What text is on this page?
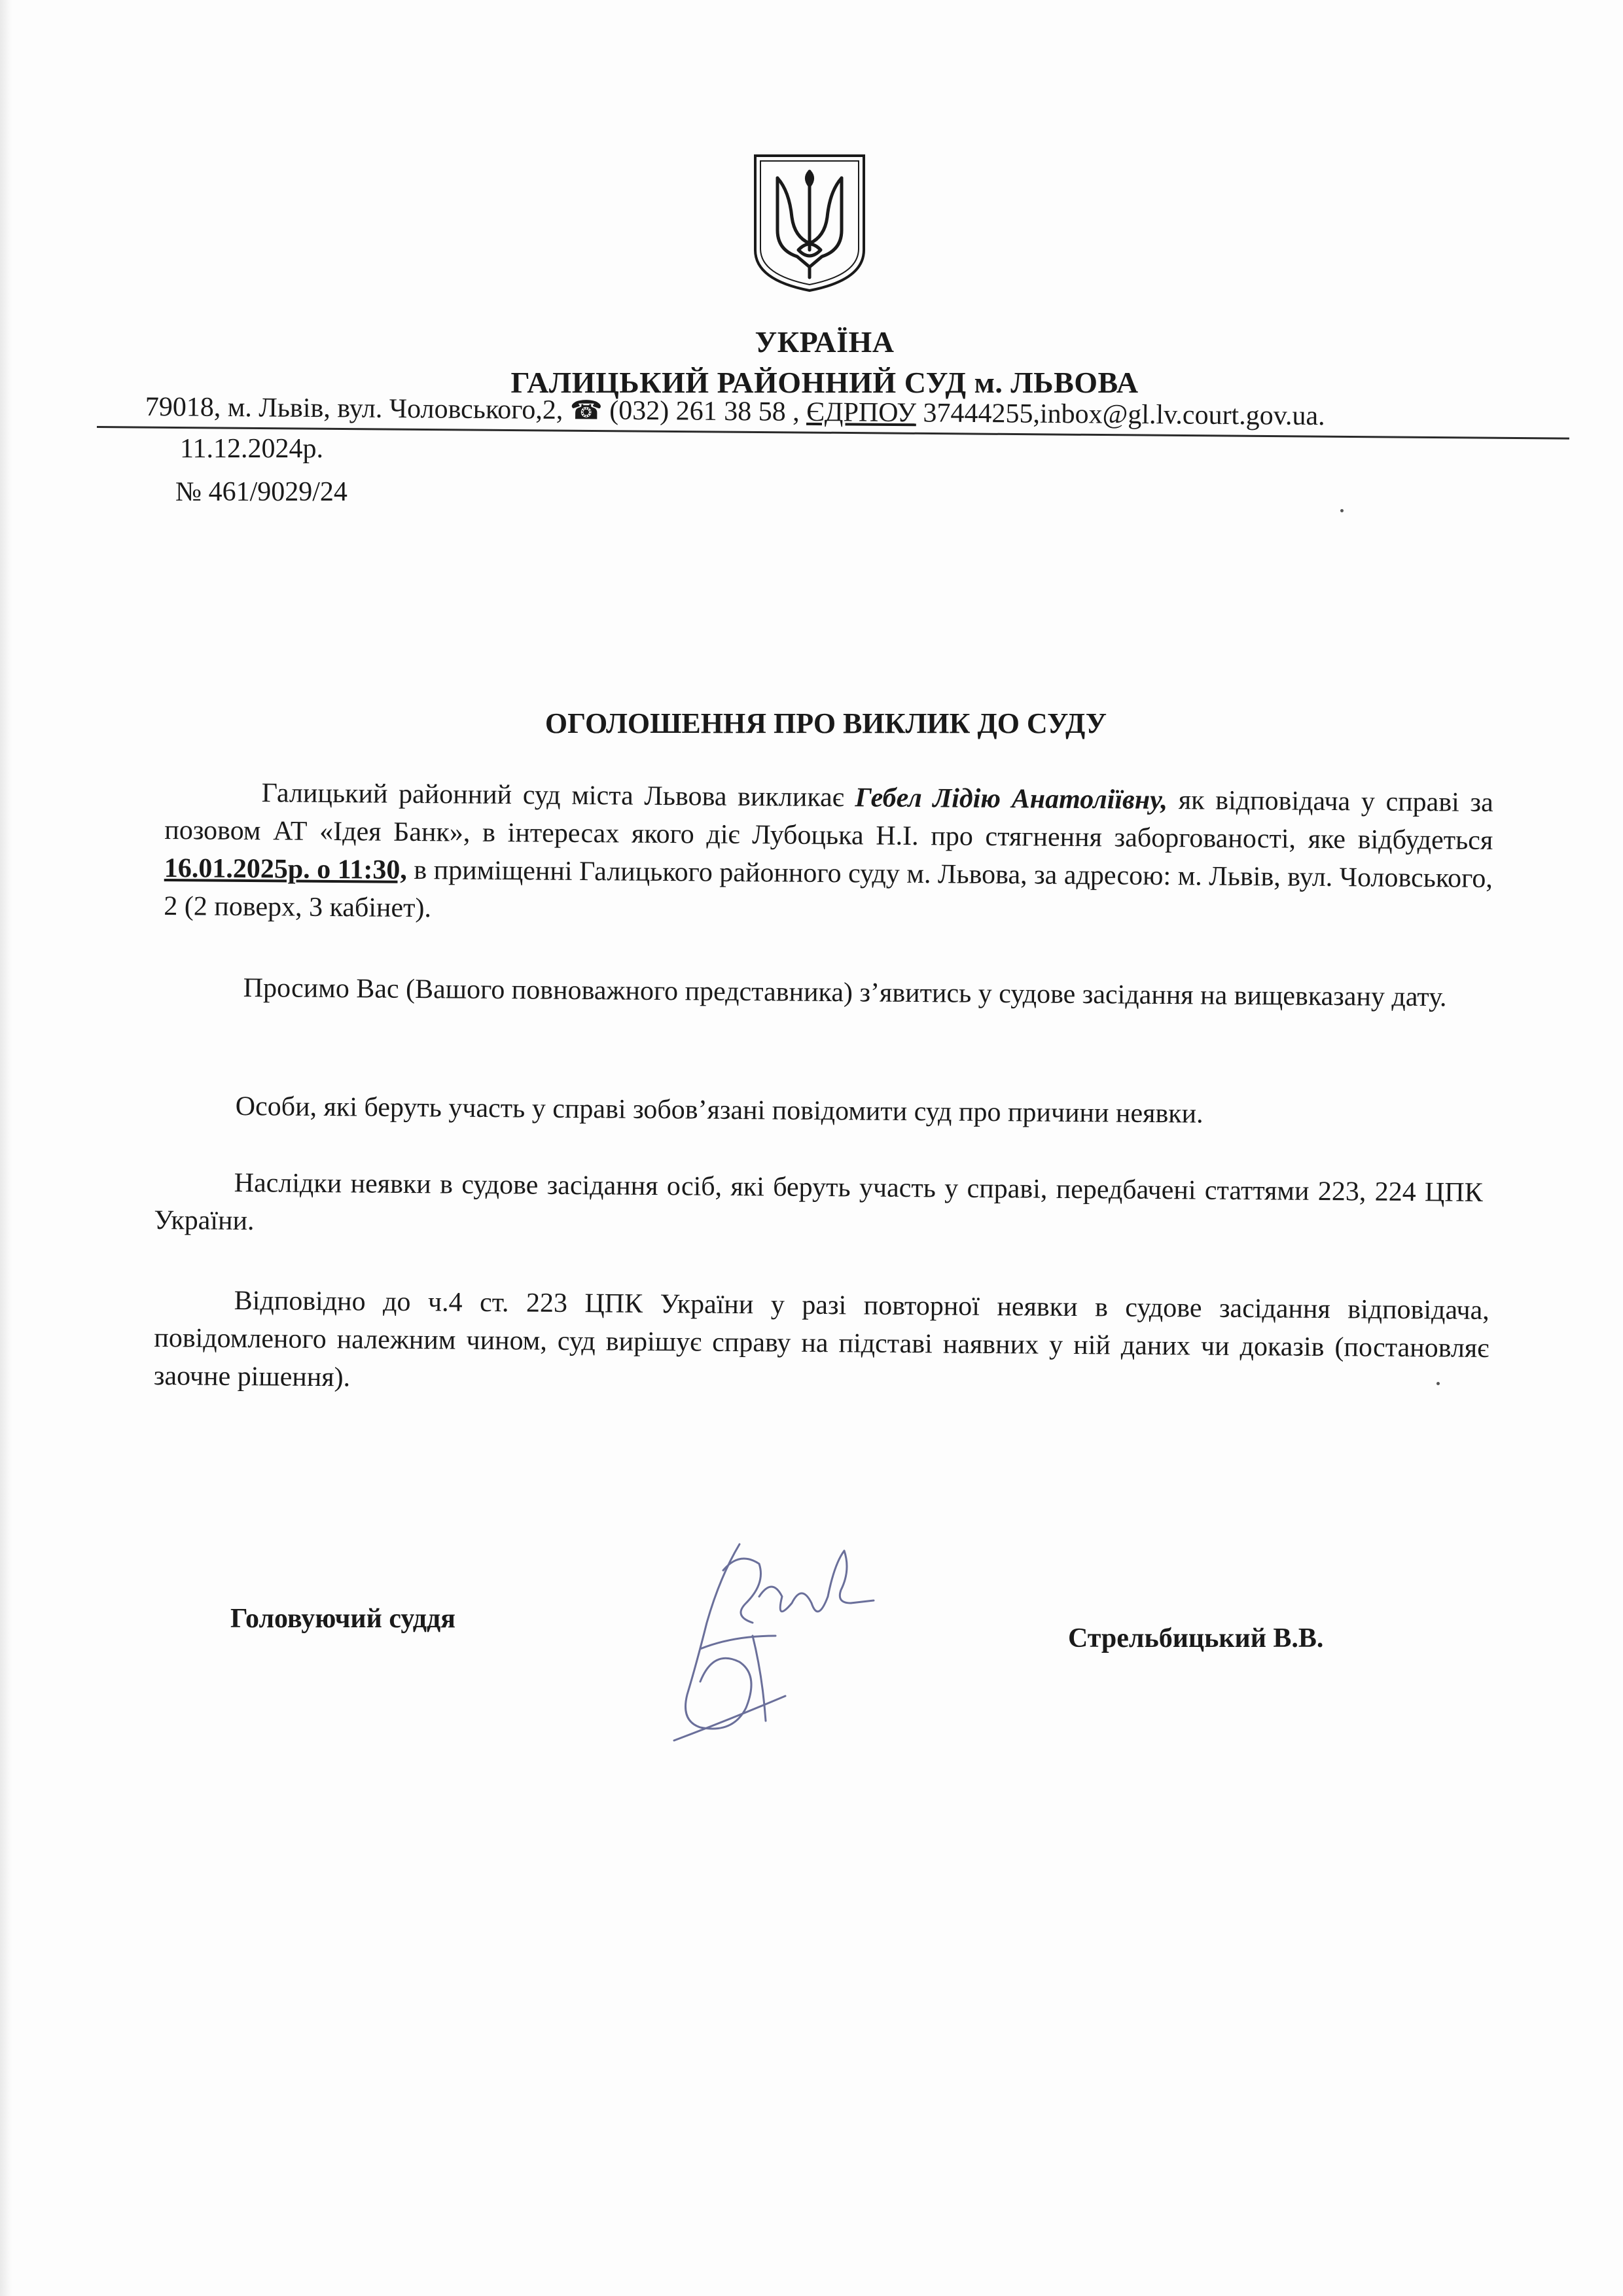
УКРАЇНА
ГАЛИЦЬКИЙ РАЙОННИЙ СУД м. ЛЬВОВА
79018, м. Львів, вул. Чоловського,2, ☎ (032) 261 38 58 , ЄДРПОУ 37444255,inbox@gl.lv.court.gov.ua.
11.12.2024р.
№ 461/9029/24
ОГОЛОШЕННЯ ПРО ВИКЛИК ДО СУДУ
Галицький районний суд міста Львова викликає Гебел Лідію Анатоліївну, як відповідача у справі за позовом АТ «Ідея Банк», в інтересах якого діє Лубоцька Н.І. про стягнення заборгованості, яке відбудеться 16.01.2025р. о 11:30, в приміщенні Галицького районного суду м. Львова, за адресою: м. Львів, вул. Чоловського, 2 (2 поверх, 3 кабінет).
Просимо Вас (Вашого повноважного представника) з’явитись у судове засідання на вищевказану дату.
Особи, які беруть участь у справі зобов’язані повідомити суд про причини неявки.
Наслідки неявки в судове засідання осіб, які беруть участь у справі, передбачені статтями 223, 224 ЦПК України.
Відповідно до ч.4 ст. 223 ЦПК України у разі повторної неявки в судове засідання відповідача, повідомленого належним чином, суд вирішує справу на підставі наявних у ній даних чи доказів (постановляє заочне рішення).
Головуючий суддя
Стрельбицький В.В.
